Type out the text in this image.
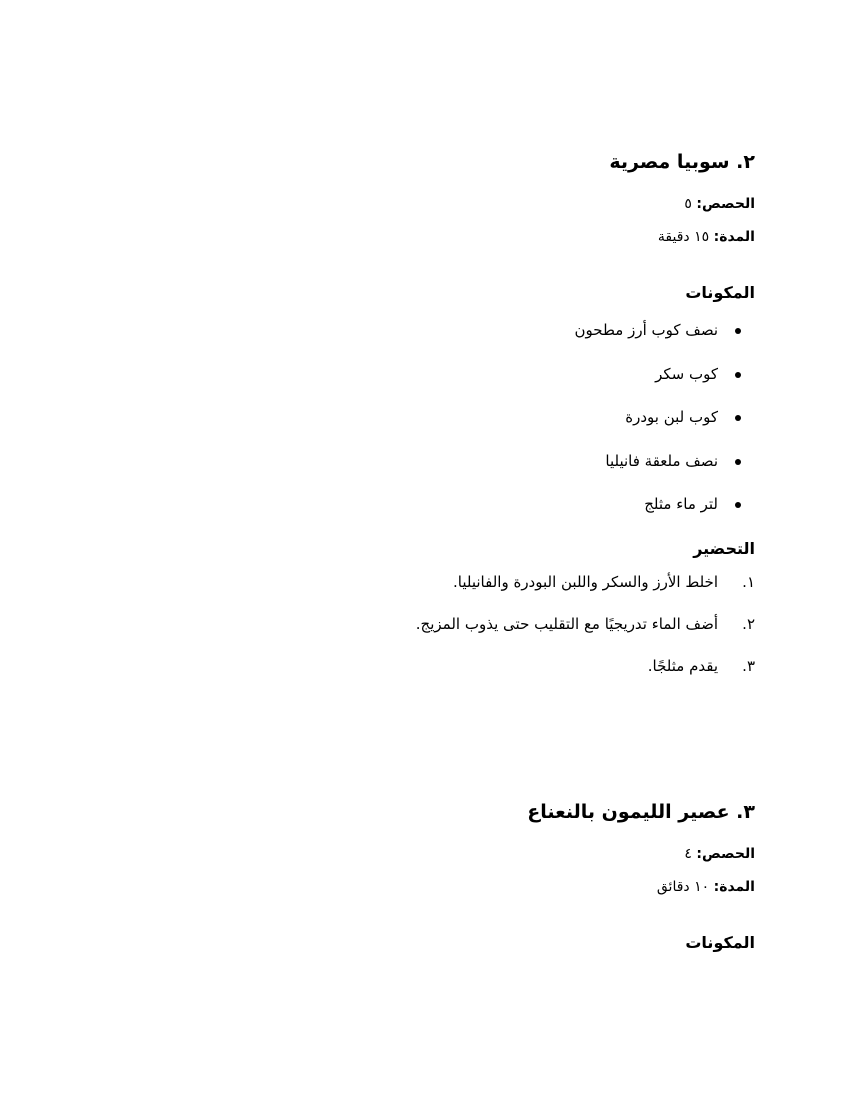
٢. سوبيا مصرية

الحصص: ٥

المدة: ١٥ دقيقة

المكونات
نصف كوب أرز مطحون
كوب سكر
كوب لبن بودرة
نصف ملعقة فانيليا
لتر ماء مثلج
التحضير
١.اخلط الأرز والسكر واللبن البودرة والفانيليا.
٢.أضف الماء تدريجيًا مع التقليب حتى يذوب المزيج.
٣.يقدم مثلجًا.
٣. عصير الليمون بالنعناع

الحصص: ٤

المدة: ١٠ دقائق

المكونات
